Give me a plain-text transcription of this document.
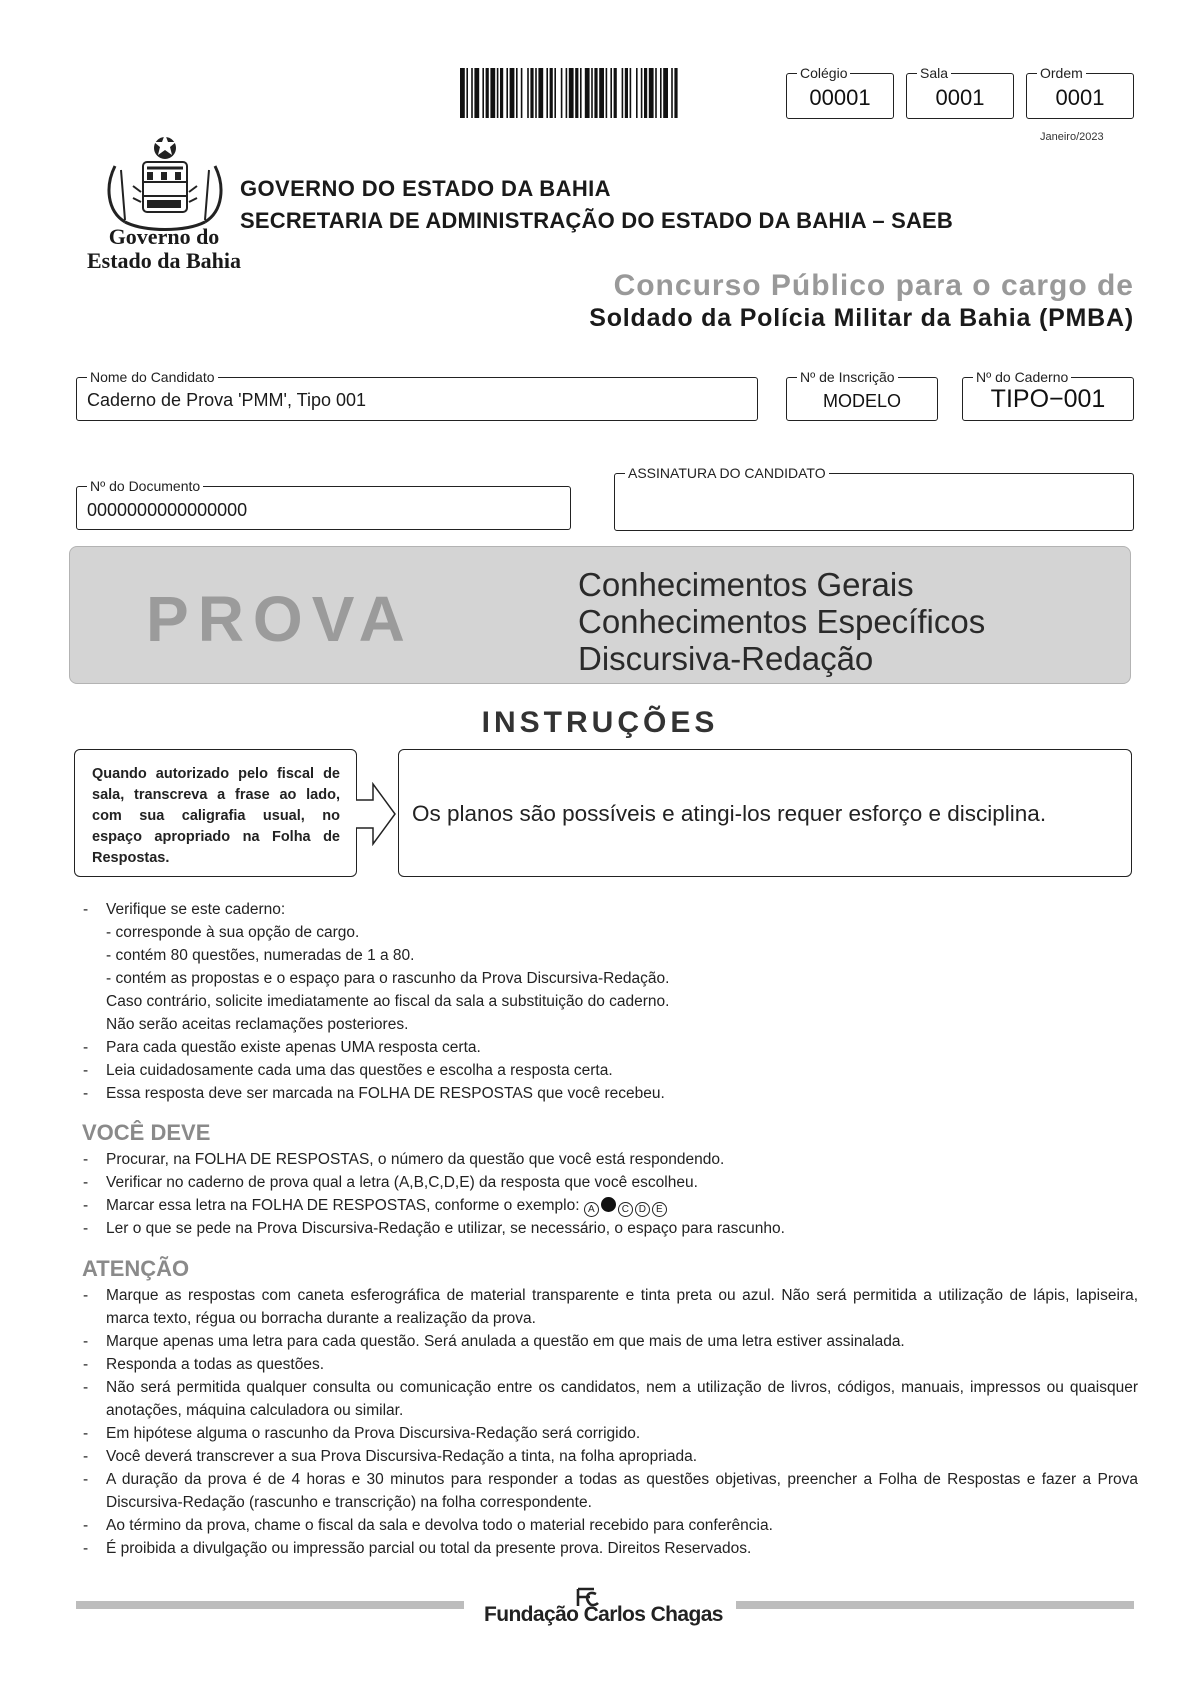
Colégio
00001
Sala
0001
Ordem
0001
Janeiro/2023
Governo do
Estado da Bahia
GOVERNO DO ESTADO DA BAHIA
SECRETARIA DE ADMINISTRAÇÃO DO ESTADO DA BAHIA – SAEB
Concurso Público para o cargo de
Soldado da Polícia Militar da Bahia (PMBA)
Nome do Candidato
Caderno de Prova 'PMM', Tipo 001
Nº de Inscrição
MODELO
Nº do Caderno
TIPO−001
Nº do Documento
0000000000000000
ASSINATURA DO CANDIDATO
PROVA	Conhecimentos Gerais
Conhecimentos Específicos
Discursiva-Redação
INSTRUÇÕES
Quando autorizado pelo fiscal de sala, transcreva a frase ao lado, com sua caligrafia usual, no espaço apropriado na Folha de Respostas.
Os planos são possíveis e atingi-los requer esforço e disciplina.
- Verifique se este caderno:
- corresponde à sua opção de cargo.
- contém 80 questões, numeradas de 1 a 80.
- contém as propostas e o espaço para o rascunho da Prova Discursiva-Redação.
Caso contrário, solicite imediatamente ao fiscal da sala a substituição do caderno.
Não serão aceitas reclamações posteriores.
- Para cada questão existe apenas UMA resposta certa.
- Leia cuidadosamente cada uma das questões e escolha a resposta certa.
- Essa resposta deve ser marcada na FOLHA DE RESPOSTAS que você recebeu.
VOCÊ DEVE
- Procurar, na FOLHA DE RESPOSTAS, o número da questão que você está respondendo.
- Verificar no caderno de prova qual a letra (A,B,C,D,E) da resposta que você escolheu.
- Marcar essa letra na FOLHA DE RESPOSTAS, conforme o exemplo: A	C D E
- Ler o que se pede na Prova Discursiva-Redação e utilizar, se necessário, o espaço para rascunho.
ATENÇÃO
- Marque as respostas com caneta esferográfica de material transparente e tinta preta ou azul. Não será permitida a utilização de lápis, lapiseira, marca texto, régua ou borracha durante a realização da prova.
- Marque apenas uma letra para cada questão. Será anulada a questão em que mais de uma letra estiver assinalada.
- Responda a todas as questões.
- Não será permitida qualquer consulta ou comunicação entre os candidatos, nem a utilização de livros, códigos, manuais, impressos ou quaisquer anotações, máquina calculadora ou similar.
- Em hipótese alguma o rascunho da Prova Discursiva-Redação será corrigido.
- Você deverá transcrever a sua Prova Discursiva-Redação a tinta, na folha apropriada.
- A duração da prova é de 4 horas e 30 minutos para responder a todas as questões objetivas, preencher a Folha de Respostas e fazer a Prova Discursiva-Redação (rascunho e transcrição) na folha correspondente.
- Ao término da prova, chame o fiscal da sala e devolva todo o material recebido para conferência.
- É proibida a divulgação ou impressão parcial ou total da presente prova. Direitos Reservados.
Fundação Carlos Chagas
